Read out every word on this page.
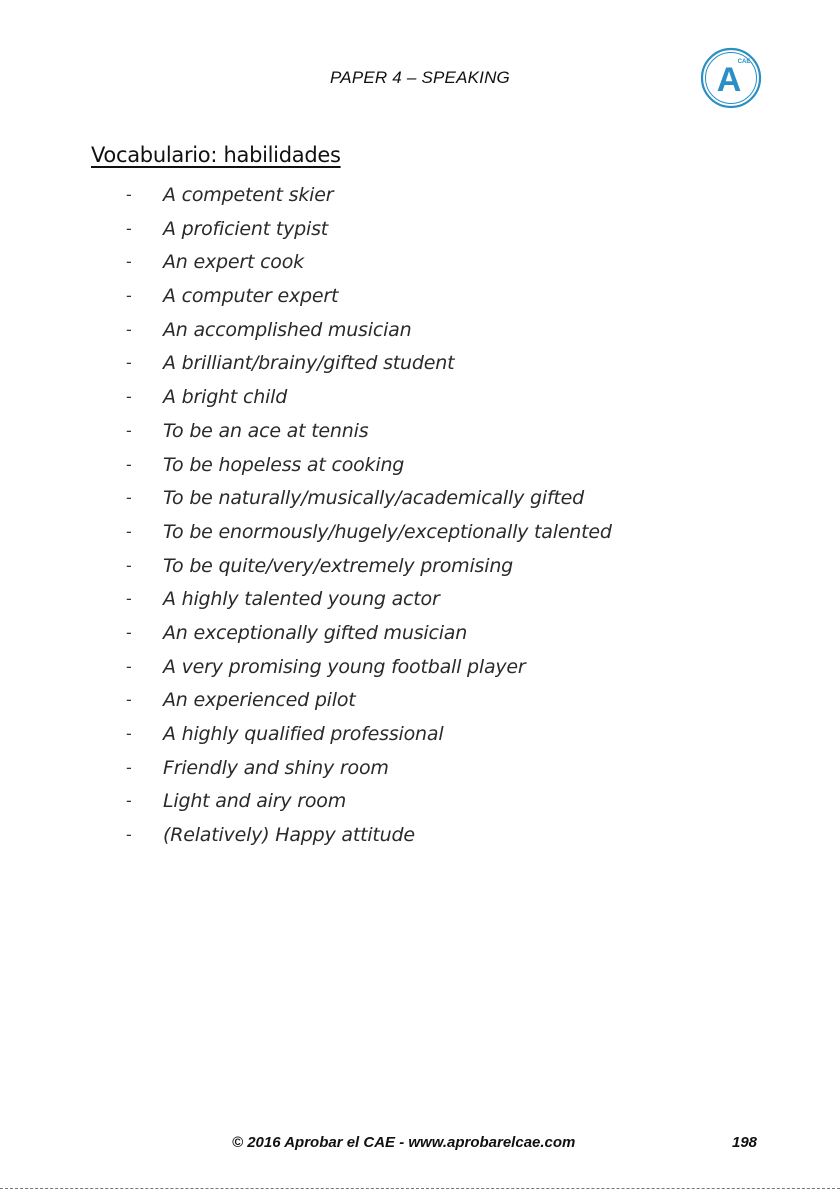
PAPER 4 – SPEAKING	A
CAE
Vocabulario: habilidades
- A competent skier
- A proficient typist
- An expert cook
- A computer expert
- An accomplished musician
- A brilliant/brainy/gifted student
- A bright child
- To be an ace at tennis
- To be hopeless at cooking
- To be naturally/musically/academically gifted
- To be enormously/hugely/exceptionally talented
- To be quite/very/extremely promising
- A highly talented young actor
- An exceptionally gifted musician
- A very promising young football player
- An experienced pilot
- A highly qualified professional
- Friendly and shiny room
- Light and airy room
- (Relatively) Happy attitude
© 2016 Aprobar el CAE - www.aprobarelcae.com	198
